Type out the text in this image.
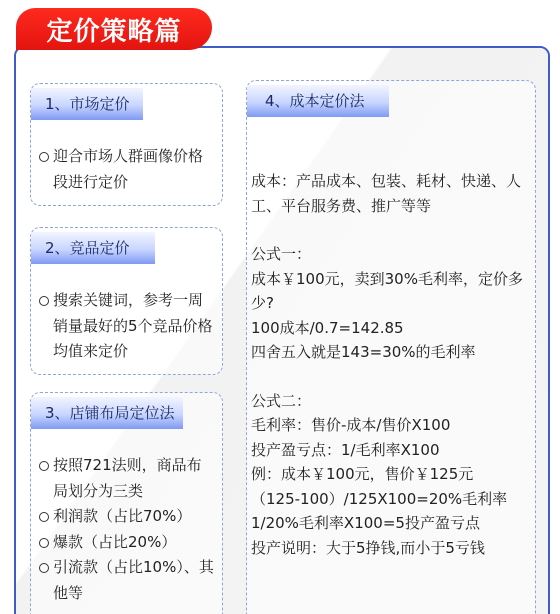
定价策略篇
1、市场定价
迎合市场人群画像价格段进行定价
2、竞品定价
搜索关键词，参考一周销量最好的5个竞品价格均值来定价
3、店铺布局定位法
按照721法则，商品布局划分为三类
利润款（占比70%）
爆款（占比20%）
引流款（占比10%）、其他等
4、成本定价法
成本：产品成本、包装、耗材、快递、人工、平台服务费、推广等等
公式一：
成本￥100元，卖到30%毛利率，定价多少?
100成本/0.7=142.85
四舍五入就是143=30%的毛利率
公式二：
毛利率：售价-成本/售价X100
投产盈亏点：1/毛利率X100
例：成本￥100元，售价￥125元
（125-100）/125X100=20%毛利率
1/20%毛利率X100=5投产盈亏点
投产说明：大于5挣钱,而小于5亏钱
